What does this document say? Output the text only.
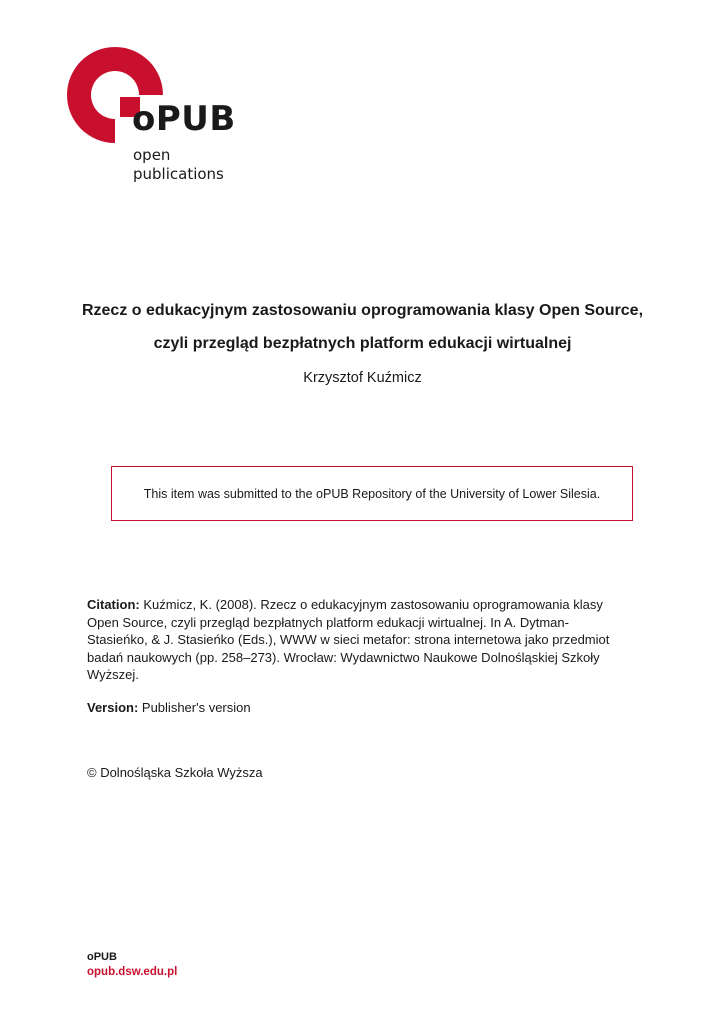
oPUB
open
publications
Rzecz o edukacyjnym zastosowaniu oprogramowania klasy Open Source,
czyli przegląd bezpłatnych platform edukacji wirtualnej
Krzysztof Kuźmicz
This item was submitted to the oPUB Repository of the University of Lower Silesia.
Citation: Kuźmicz, K. (2008). Rzecz o edukacyjnym zastosowaniu oprogramowania klasy Open Source, czyli przegląd bezpłatnych platform edukacji wirtualnej. In A. Dytman-Stasieńko, & J. Stasieńko (Eds.), WWW w sieci metafor: strona internetowa jako przedmiot badań naukowych (pp. 258–273). Wrocław: Wydawnictwo Naukowe Dolnośląskiej Szkoły Wyższej.
Version: Publisher's version
© Dolnośląska Szkoła Wyższa
oPUB
opub.dsw.edu.pl
